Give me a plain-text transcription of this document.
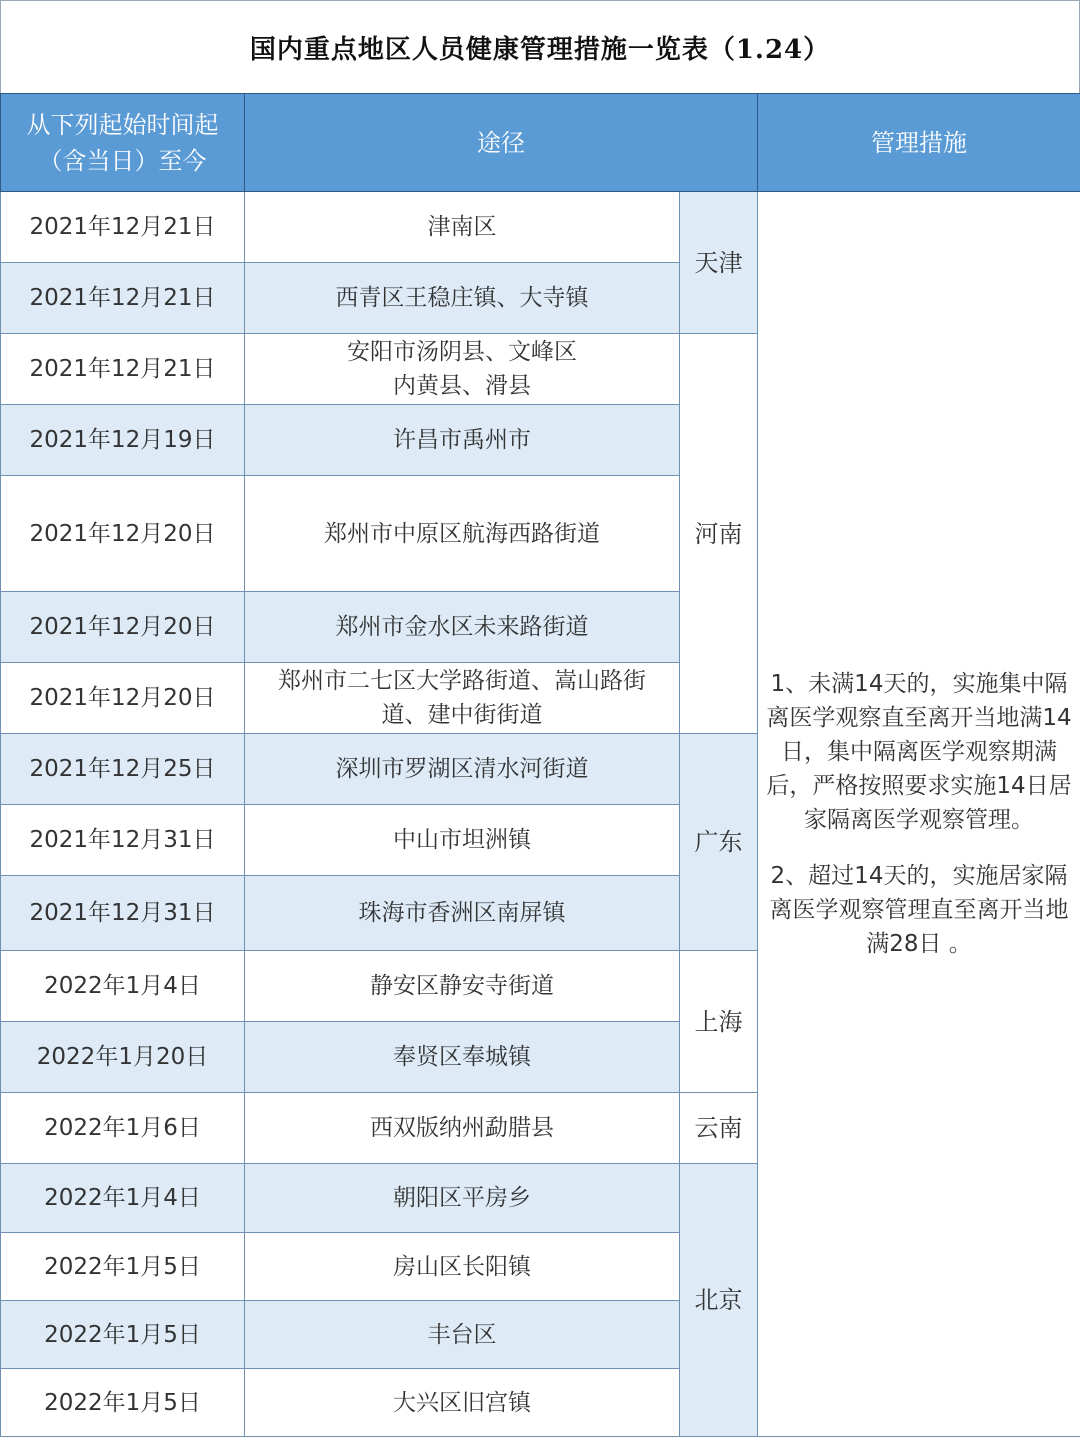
国内重点地区人员健康管理措施一览表（1.24）
从下列起始时间起
（含当日）至今	途径		管理措施
2021年12月21日	津南区	天津	1、未满14天的，实施集中隔离医学观察直至离开当地满14日，集中隔离医学观察期满后，严格按照要求实施14日居家隔离医学观察管理。
2、超过14天的，实施居家隔离医学观察管理直至离开当地满28日 。

2021年12月21日	西青区王稳庄镇、大寺镇		
2021年12月21日	安阳市汤阴县、文峰区
内黄县、滑县	河南	
2021年12月19日	许昌市禹州市		
2021年12月20日	郑州市中原区航海西路街道		
2021年12月20日	郑州市金水区未来路街道		
2021年12月20日	郑州市二七区大学路街道、嵩山路街
道、建中街街道		

2021年12月25日	深圳市罗湖区清水河街道	广东	
2021年12月31日	中山市坦洲镇		
2021年12月31日	珠海市香洲区南屏镇		
2022年1月4日	静安区静安寺街道	上海	
2022年1月20日	奉贤区奉城镇		
2022年1月6日	西双版纳州勐腊县	云南	
2022年1月4日	朝阳区平房乡	北京	
2022年1月5日	房山区长阳镇		
2022年1月5日	丰台区		
2022年1月5日	大兴区旧宫镇		
